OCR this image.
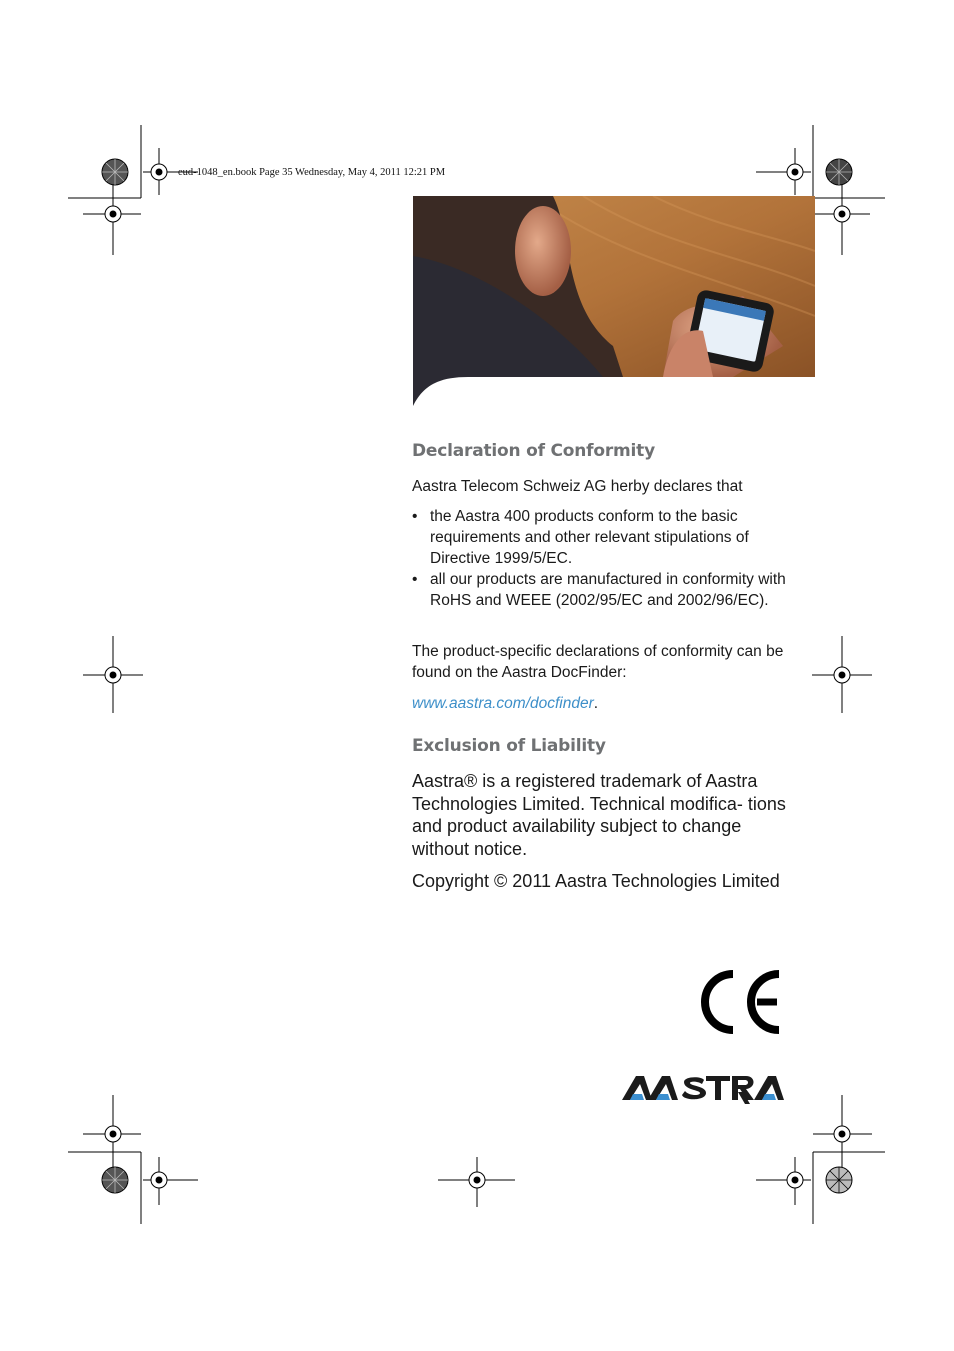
eud-1048_en.book Page 35 Wednesday, May 4, 2011 12:21 PM
Declaration of Conformity
Aastra Telecom Schweiz AG herby declares that
• the Aastra 400 products conform to the basic requirements and other relevant stipulations of Directive 1999/5/EC.
• all our products are manufactured in conformity with RoHS and WEEE (2002/95/EC and 2002/96/EC).
The product-specific declarations of conformity can be found on the Aastra DocFinder:
www.aastra.com/docfinder.
Exclusion of Liability
Aastra® is a registered trademark of Aastra Technologies Limited. Technical modifica- tions and product availability subject to change without notice.
Copyright © 2011 Aastra Technologies Limited
